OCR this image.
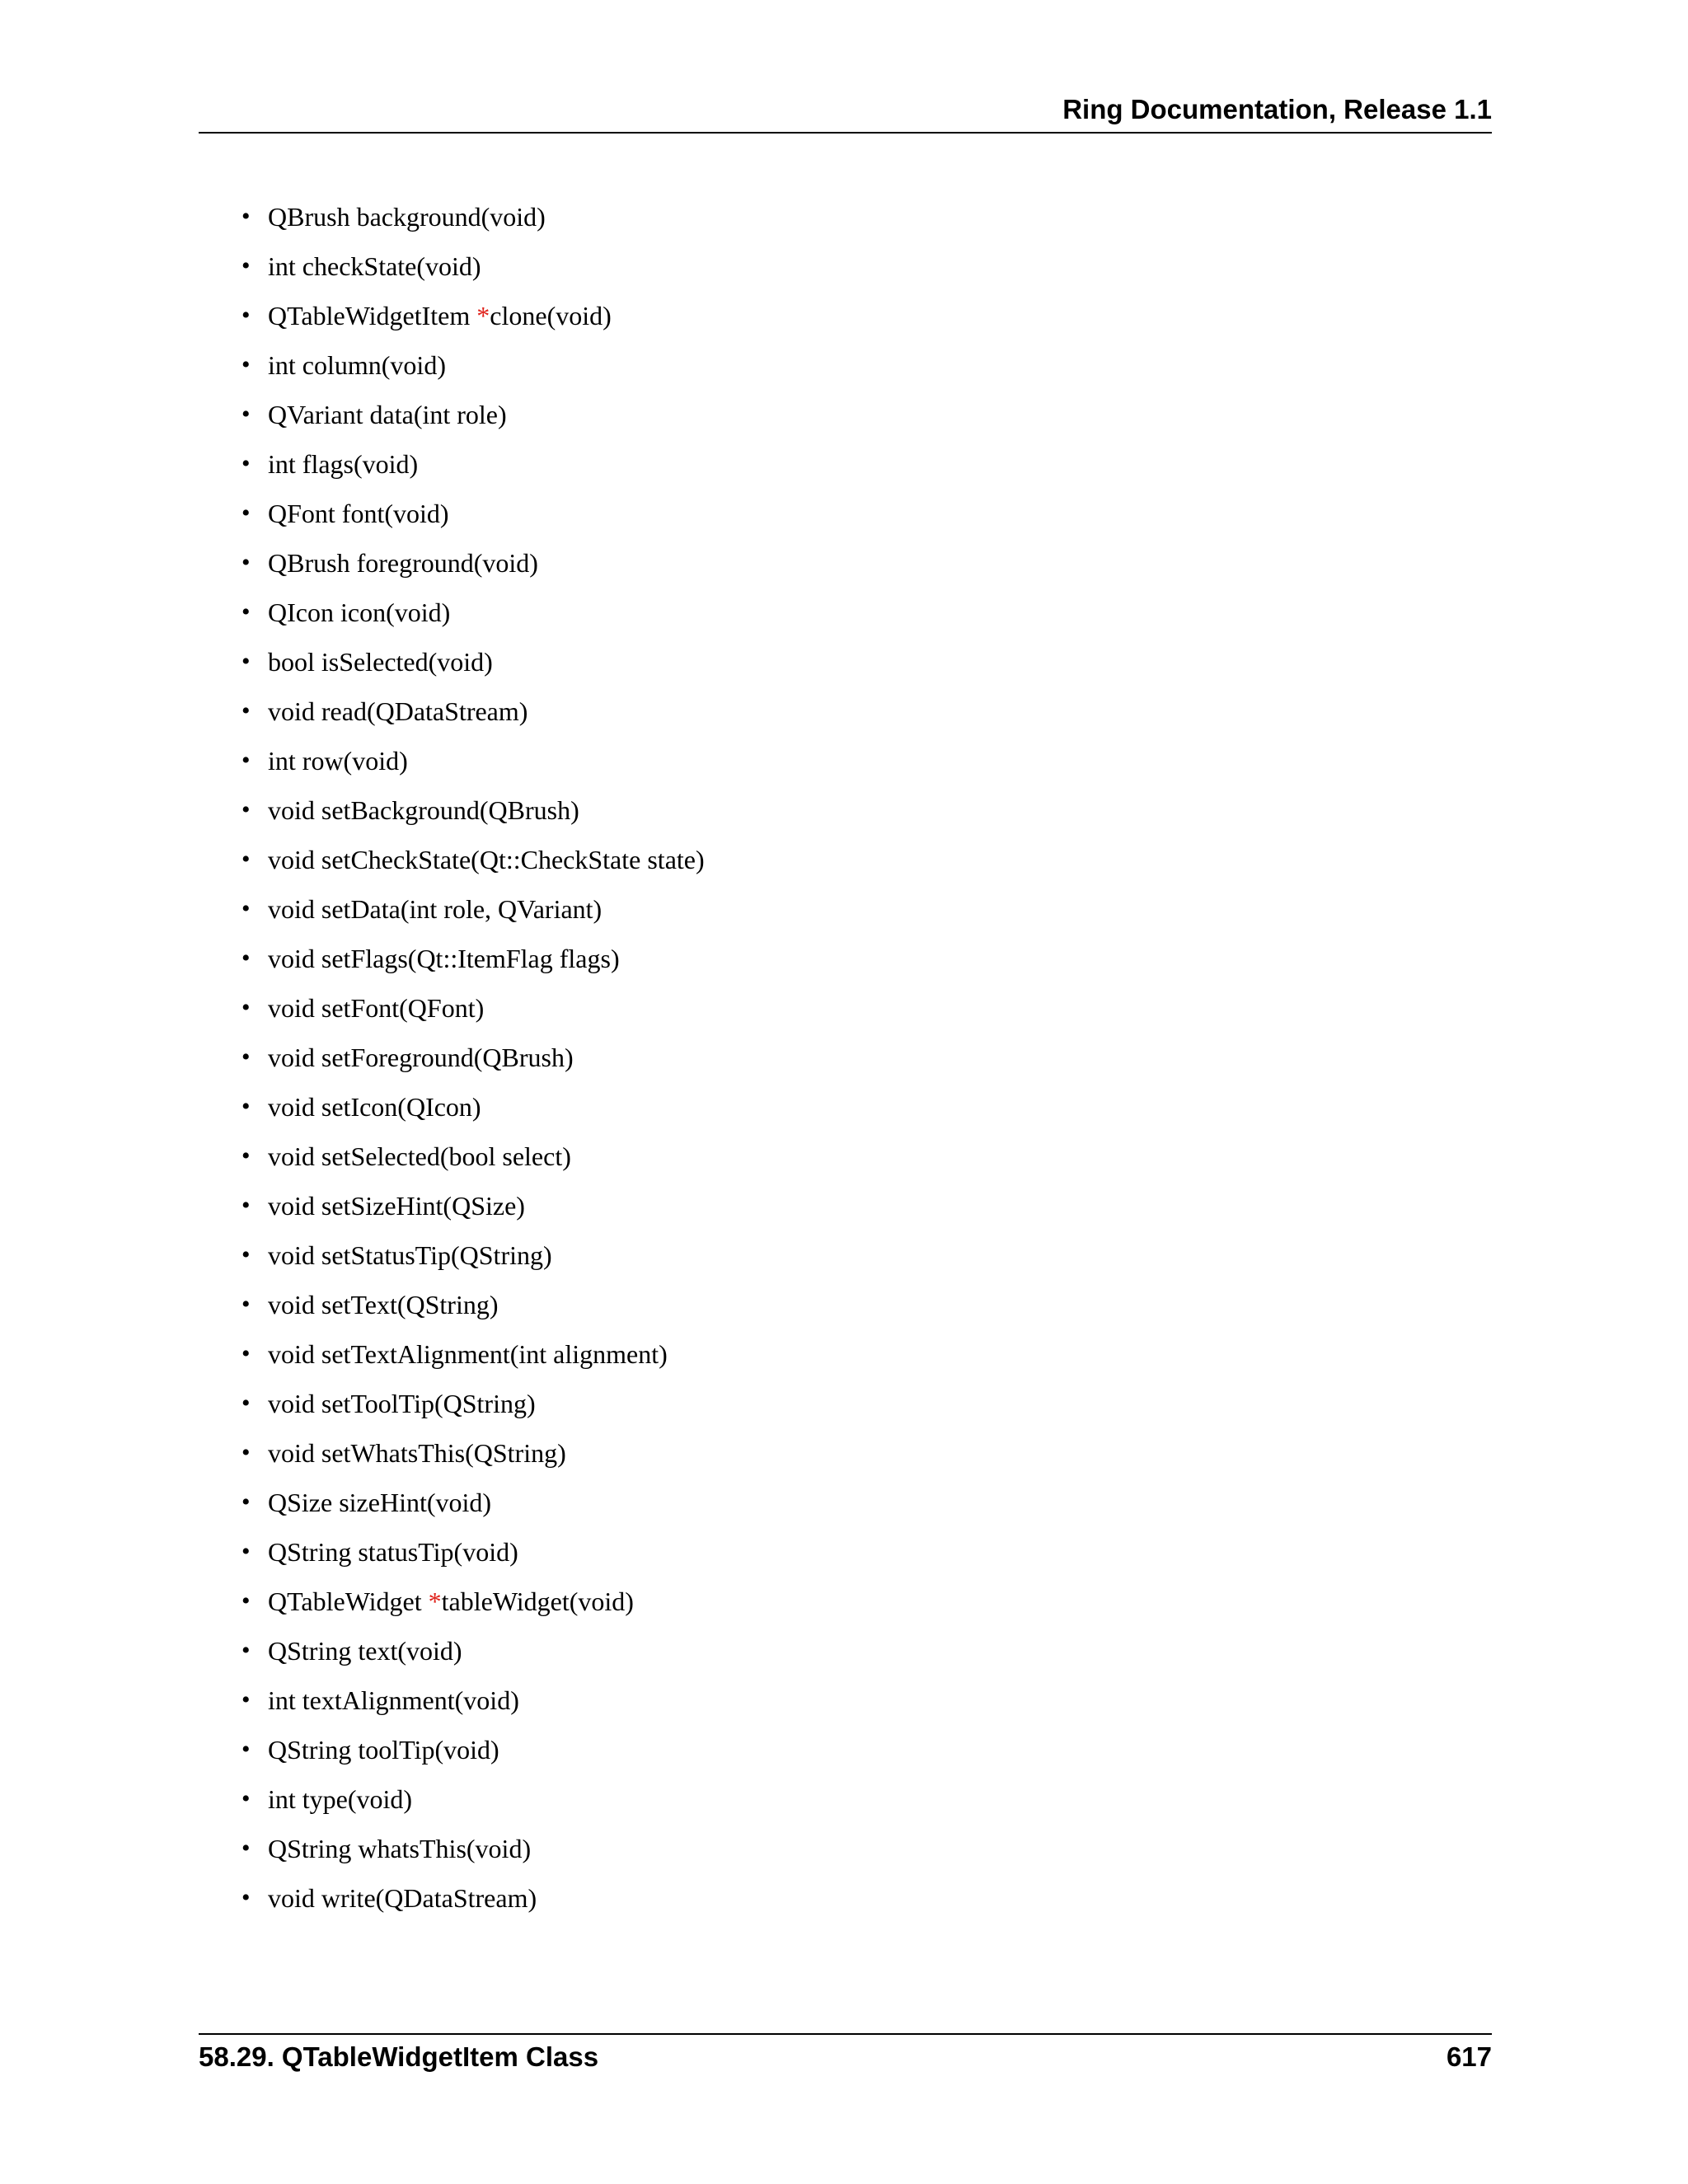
Ring Documentation, Release 1.1
• QBrush background(void)
• int checkState(void)
• QTableWidgetItem *clone(void)
• int column(void)
• QVariant data(int role)
• int flags(void)
• QFont font(void)
• QBrush foreground(void)
• QIcon icon(void)
• bool isSelected(void)
• void read(QDataStream)
• int row(void)
• void setBackground(QBrush)
• void setCheckState(Qt::CheckState state)
• void setData(int role, QVariant)
• void setFlags(Qt::ItemFlag flags)
• void setFont(QFont)
• void setForeground(QBrush)
• void setIcon(QIcon)
• void setSelected(bool select)
• void setSizeHint(QSize)
• void setStatusTip(QString)
• void setText(QString)
• void setTextAlignment(int alignment)
• void setToolTip(QString)
• void setWhatsThis(QString)
• QSize sizeHint(void)
• QString statusTip(void)
• QTableWidget *tableWidget(void)
• QString text(void)
• int textAlignment(void)
• QString toolTip(void)
• int type(void)
• QString whatsThis(void)
• void write(QDataStream)
58.29. QTableWidgetItem Class	617
